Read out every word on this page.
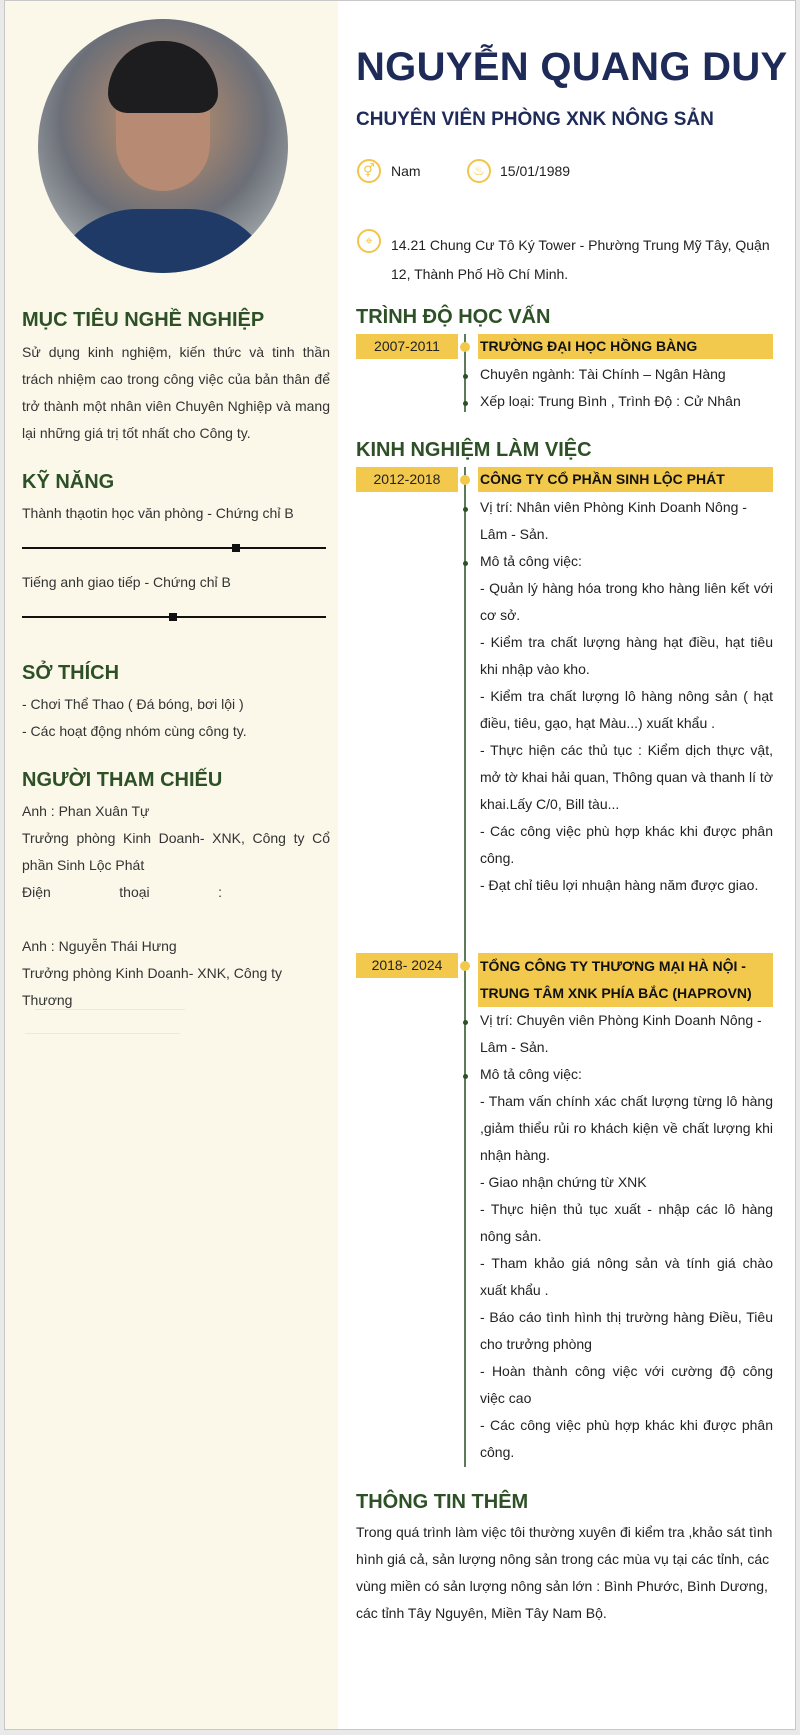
MỤC TIÊU NGHỀ NGHIỆP

Sử dụng kinh nghiệm, kiến thức và tinh thần trách nhiệm cao trong công việc của bản thân để trở thành một nhân viên Chuyên Nghiệp và mang lại những giá trị tốt nhất cho Công ty.

KỸ NĂNG

Thành thạotin học văn phòng - Chứng chỉ B

Tiếng anh giao tiếp - Chứng chỉ B

SỞ THÍCH

- Chơi Thể Thao ( Đá bóng, bơi lội )

- Các hoạt động nhóm cùng công ty.

NGƯỜI THAM CHIẾU

Anh : Phan Xuân Tự

Trưởng phòng Kinh Doanh- XNK, Công ty Cổ phần Sinh Lộc Phát

Điện thoại :

Anh : Nguyễn Thái Hưng

Trưởng phòng Kinh Doanh- XNK, Công ty Thương

NGUYỄN QUANG DUY
CHUYÊN VIÊN PHÒNG XNK NÔNG SẢN
⚥	Nam	♨	15/01/1989
⌖	14.21 Chung Cư Tô Ký Tower - Phường Trung Mỹ Tây, Quận 12, Thành Phố Hồ Chí Minh.

TRÌNH ĐỘ HỌC VẤN
2007-2011	TRƯỜNG ĐẠI HỌC HỒNG BÀNG

Chuyên ngành: Tài Chính – Ngân Hàng

Xếp loại: Trung Bình , Trình Độ : Cử Nhân

KINH NGHIỆM LÀM VIỆC
2012-2018	CÔNG TY CỔ PHẦN SINH LỘC PHÁT

Vị trí: Nhân viên Phòng Kinh Doanh Nông - Lâm - Sản.

Mô tả công việc:

- Quản lý hàng hóa trong kho hàng liên kết với cơ sở.
- Kiểm tra chất lượng hàng hạt điều, hạt tiêu khi nhập vào kho.
- Kiểm tra chất lượng lô hàng nông sản ( hạt điều, tiêu, gạo, hạt Màu...) xuất khẩu .
- Thực hiện các thủ tục : Kiểm dịch thực vật, mở tờ khai hải quan, Thông quan và thanh lí tờ khai.Lấy C/0, Bill tàu...
- Các công việc phù hợp khác khi được phân công.
- Đạt chỉ tiêu lợi nhuận hàng năm được giao.

2018- 2024	TỔNG CÔNG TY THƯƠNG MẠI HÀ NỘI - TRUNG TÂM XNK PHÍA BẮC (HAPROVN)

Vị trí: Chuyên viên Phòng Kinh Doanh Nông - Lâm - Sản.

Mô tả công việc:

- Tham vấn chính xác chất lượng từng lô hàng ,giảm thiểu rủi ro khách kiện về chất lượng khi nhận hàng.
- Giao nhận chứng từ XNK
- Thực hiện thủ tục xuất - nhập các lô hàng nông sản.
- Tham khảo giá nông sản và tính giá chào xuất khẩu .
- Báo cáo tình hình thị trường hàng Điều, Tiêu cho trưởng phòng
- Hoàn thành công việc với cường độ công việc cao
- Các công việc phù hợp khác khi được phân công.

THÔNG TIN THÊM

Trong quá trình làm việc tôi thường xuyên đi kiểm tra ,khảo sát tình hình giá cả, sản lượng nông sản trong các mùa vụ tại các tỉnh, các vùng miền có sản lượng nông sản lớn : Bình Phước, Bình Dương, các tỉnh Tây Nguyên, Miền Tây Nam Bộ.
